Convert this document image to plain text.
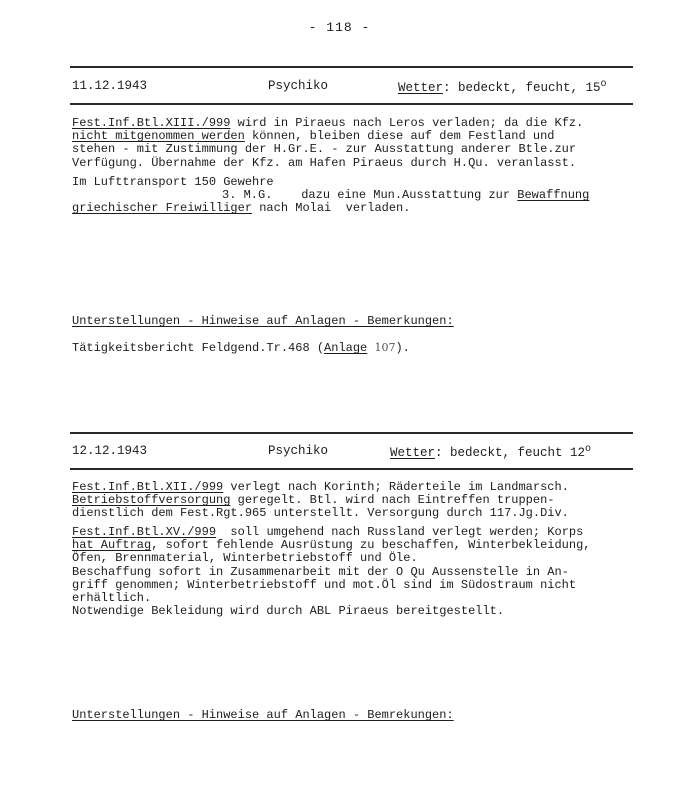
- 118 -
11.12.1943	Psychiko	Wetter: bedeckt, feucht, 15$^o$
Fest.Inf.Btl.XIII./999 wird in Piraeus nach Leros verladen; da die Kfz.
nicht mitgenommen werden können, bleiben diese auf dem Festland und
stehen - mit Zustimmung der H.Gr.E. - zur Ausstattung anderer Btle.zur
Verfügung. Übernahme der Kfz. am Hafen Piraeus durch H.Qu. veranlasst.
Im Lufttransport 150 Gewehre
3. M.G. dazu eine Mun.Ausstattung zur Bewaffnung
griechischer Freiwilliger nach Molai  verladen.
Unterstellungen - Hinweise auf Anlagen - Bemerkungen:
Tätigkeitsbericht Feldgend.Tr.468 (Anlage 107).
12.12.1943	Psychiko	Wetter: bedeckt, feucht 12$^o$
Fest.Inf.Btl.XII./999 verlegt nach Korinth; Räderteile im Landmarsch.
Betriebstoffversorgung geregelt. Btl. wird nach Eintreffen truppen-
dienstlich dem Fest.Rgt.965 unterstellt. Versorgung durch 117.Jg.Div.
Fest.Inf.Btl.XV./999  soll umgehend nach Russland verlegt werden; Korps
hat Auftrag, sofort fehlende Ausrüstung zu beschaffen, Winterbekleidung,
Öfen, Brennmaterial, Winterbetriebstoff und Öle.
Beschaffung sofort in Zusammenarbeit mit der O Qu Aussenstelle in An-
griff genommen; Winterbetriebstoff und mot.Öl sind im Südostraum nicht
erhältlich.
Notwendige Bekleidung wird durch ABL Piraeus bereitgestellt.
Unterstellungen - Hinweise auf Anlagen - Bemrekungen:
